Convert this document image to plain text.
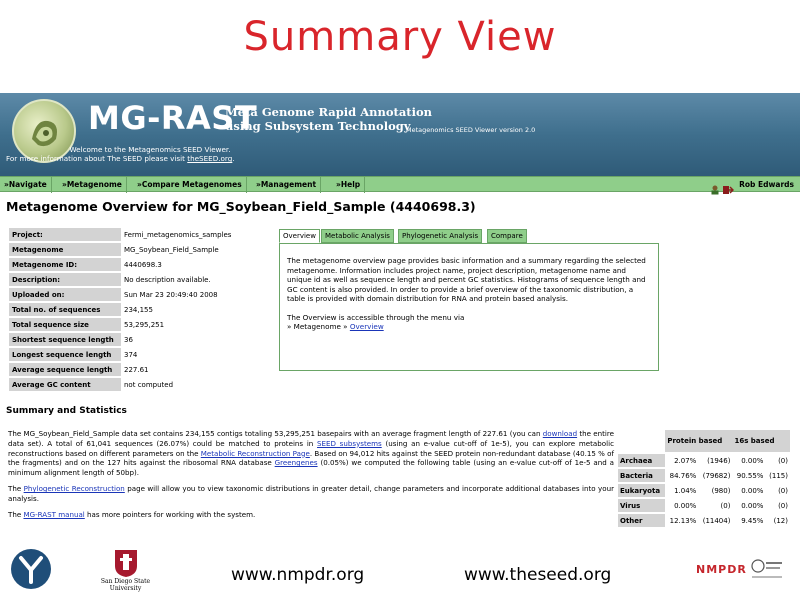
Summary View
MG-RAST
Meta Genome Rapid Annotation
using Subsystem Technology
Metagenomics SEED Viewer version 2.0
Welcome to the Metagenomics SEED Viewer.
For more information about The SEED please visit theSEED.org.
»Navigate	»Metagenome	»Compare Metagenomes	»Management	»Help	Rob Edwards
Metagenome Overview for MG_Soybean_Field_Sample (4440698.3)
Project:	Fermi_metagenomics_samples
Metagenome	MG_Soybean_Field_Sample
Metagenome ID:	4440698.3
Description:	No description available.
Uploaded on:	Sun Mar 23 20:49:40 2008
Total no. of sequences	234,155
Total sequence size	53,295,251
Shortest sequence length	36
Longest sequence length	374
Average sequence length	227.61
Average GC content	not computed
Overview	Metabolic Analysis	Phylogenetic Analysis	Compare

The metagenome overview page provides basic information and a summary regarding the selected metagenome. Information includes project name, project description, metagenome name and unique id as well as sequence length and percent GC statistics. Histograms of sequence length and GC content is also provided. In order to provide a brief overview of the taxonomic distribution, a table is provided with domain distribution for RNA and protein based analysis.

The Overview is accessible through the menu via
» Metagenome » Overview

Summary and Statistics

The MG_Soybean_Field_Sample data set contains 234,155 contigs totaling 53,295,251 basepairs with an average fragment length of 227.61 (you can download the entire data set). A total of 61,041 sequences (26.07%) could be matched to proteins in SEED subsystems (using an e-value cut-off of 1e-5), you can explore metabolic reconstructions based on different parameters on the Metabolic Reconstruction Page. Based on 94,012 hits against the SEED protein non-redundant database (40.15 % of the fragments) and on the 127 hits against the ribosomal RNA database Greengenes (0.05%) we computed the following table (using an e-value cut-off of 1e-5 and a minimum alignment length of 50bp).

The Phylogenetic Reconstruction page will allow you to view taxonomic distributions in greater detail, change parameters and incorporate additional databases into your analysis.

The MG-RAST manual has more pointers for working with the system.

	Protein based		16s based	
Archaea	2.07%	(1946)	0.00%	(0)
Bacteria	84.76%	(79682)	90.55%	(115)
Eukaryota	1.04%	(980)	0.00%	(0)
Virus	0.00%	(0)	0.00%	(0)
Other	12.13%	(11404)	9.45%	(12)
San Diego State University
www.nmpdr.org	www.theseed.org	NMPDR
